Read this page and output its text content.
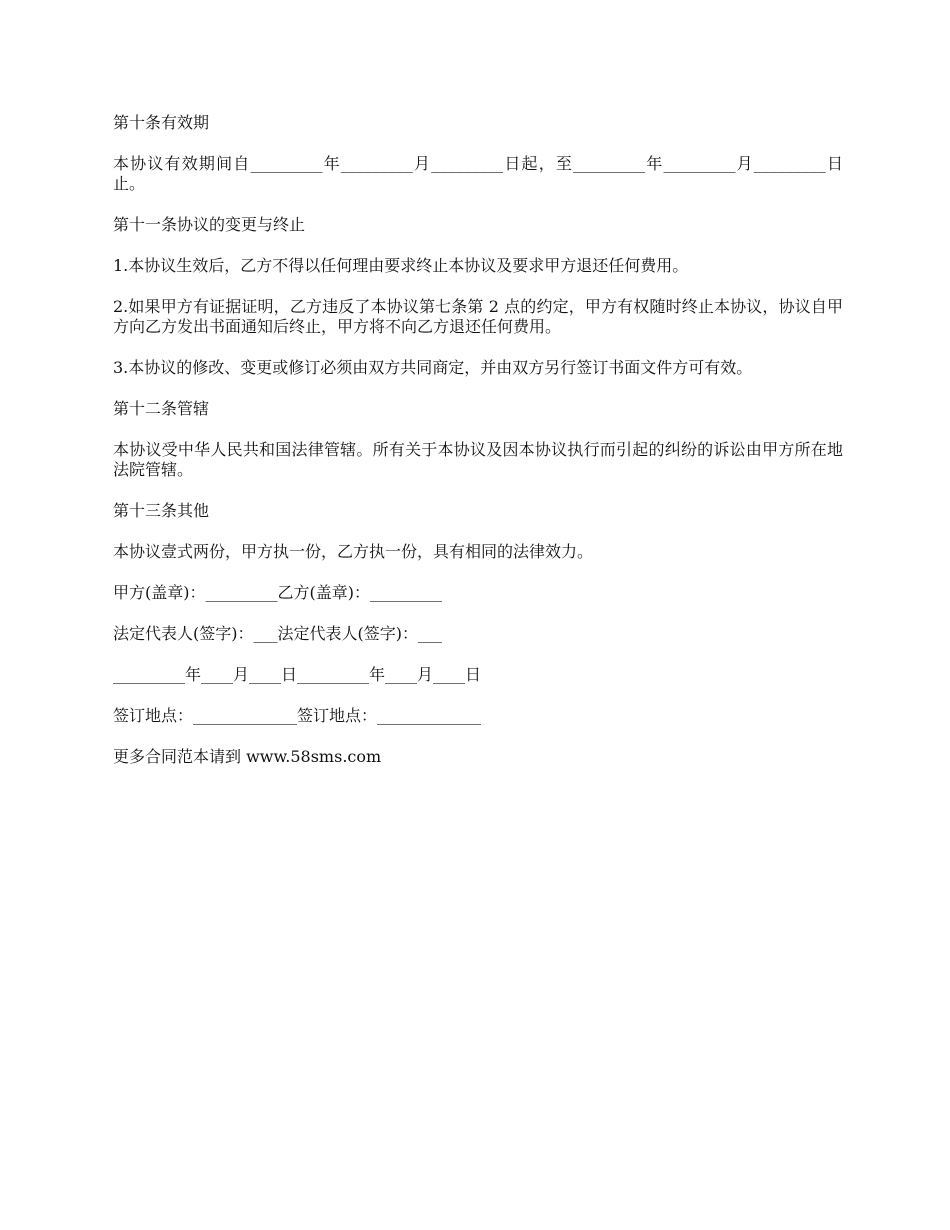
第十条有效期

本协议有效期间自_________年_________月_________日起，至_________年_________月_________日止。

第十一条协议的变更与终止

1.本协议生效后，乙方不得以任何理由要求终止本协议及要求甲方退还任何费用。

2.如果甲方有证据证明，乙方违反了本协议第七条第 2 点的约定，甲方有权随时终止本协议，协议自甲方向乙方发出书面通知后终止，甲方将不向乙方退还任何费用。

3.本协议的修改、变更或修订必须由双方共同商定，并由双方另行签订书面文件方可有效。

第十二条管辖

本协议受中华人民共和国法律管辖。所有关于本协议及因本协议执行而引起的纠纷的诉讼由甲方所在地法院管辖。

第十三条其他

本协议壹式两份，甲方执一份，乙方执一份，具有相同的法律效力。

甲方(盖章)：_________乙方(盖章)：_________

法定代表人(签字)：___法定代表人(签字)：___

_________年____月____日_________年____月____日

签订地点：_____________签订地点：_____________

更多合同范本请到 www.58sms.com
